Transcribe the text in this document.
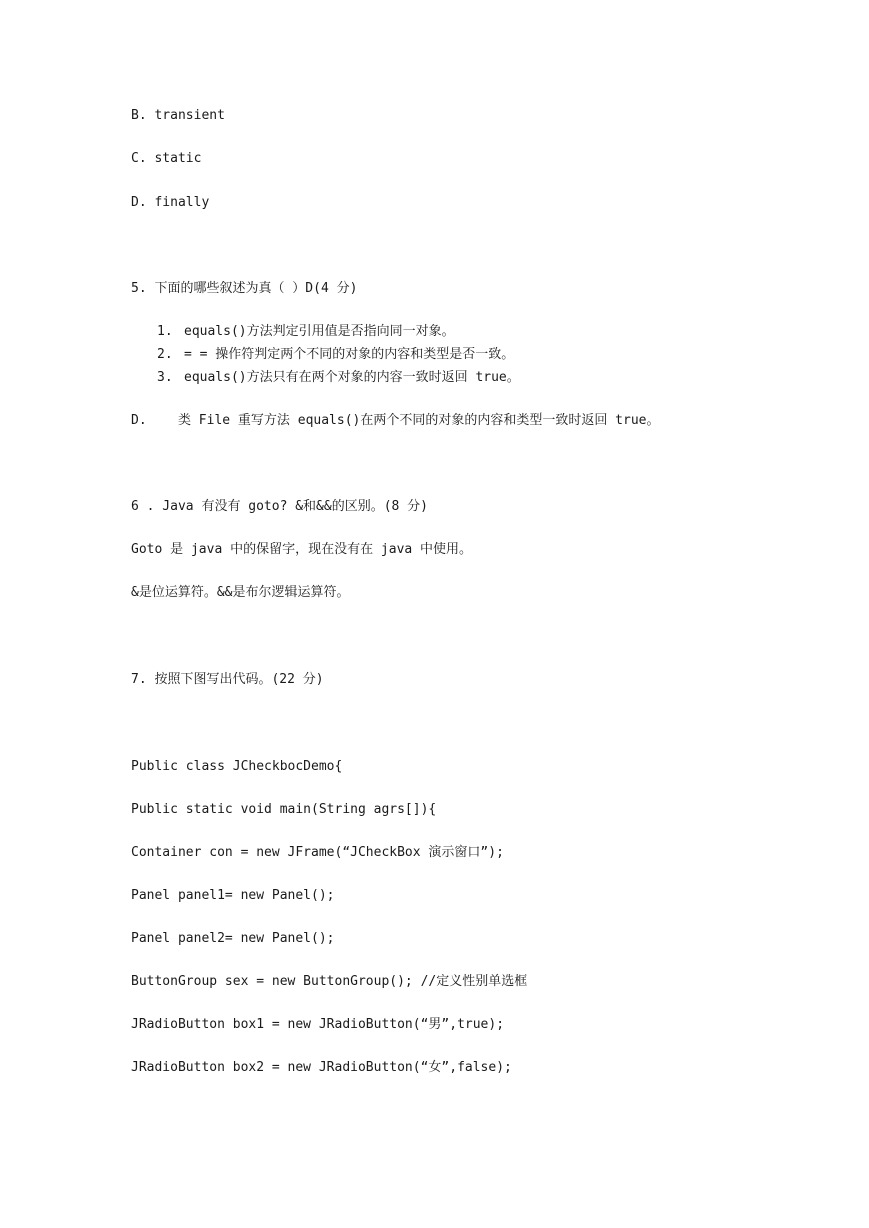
B. transient
C. static
D. finally
5. 下面的哪些叙述为真（ ）D(4 分)
1. equals()方法判定引用值是否指向同一对象。
2. = = 操作符判定两个不同的对象的内容和类型是否一致。
3. equals()方法只有在两个对象的内容一致时返回 true。
D.    类 File 重写方法 equals()在两个不同的对象的内容和类型一致时返回 true。
6 . Java 有没有 goto? &和&&的区别。(8 分)
Goto 是 java 中的保留字，现在没有在 java 中使用。
&是位运算符。&&是布尔逻辑运算符。
7. 按照下图写出代码。(22 分)
Public class JCheckbocDemo{
Public static void main(String agrs[]){
Container con = new JFrame(“JCheckBox 演示窗口”);
Panel panel1= new Panel();
Panel panel2= new Panel();
ButtonGroup sex = new ButtonGroup(); //定义性别单选框
JRadioButton box1 = new JRadioButton(“男”,true);
JRadioButton box2 = new JRadioButton(“女”,false);
